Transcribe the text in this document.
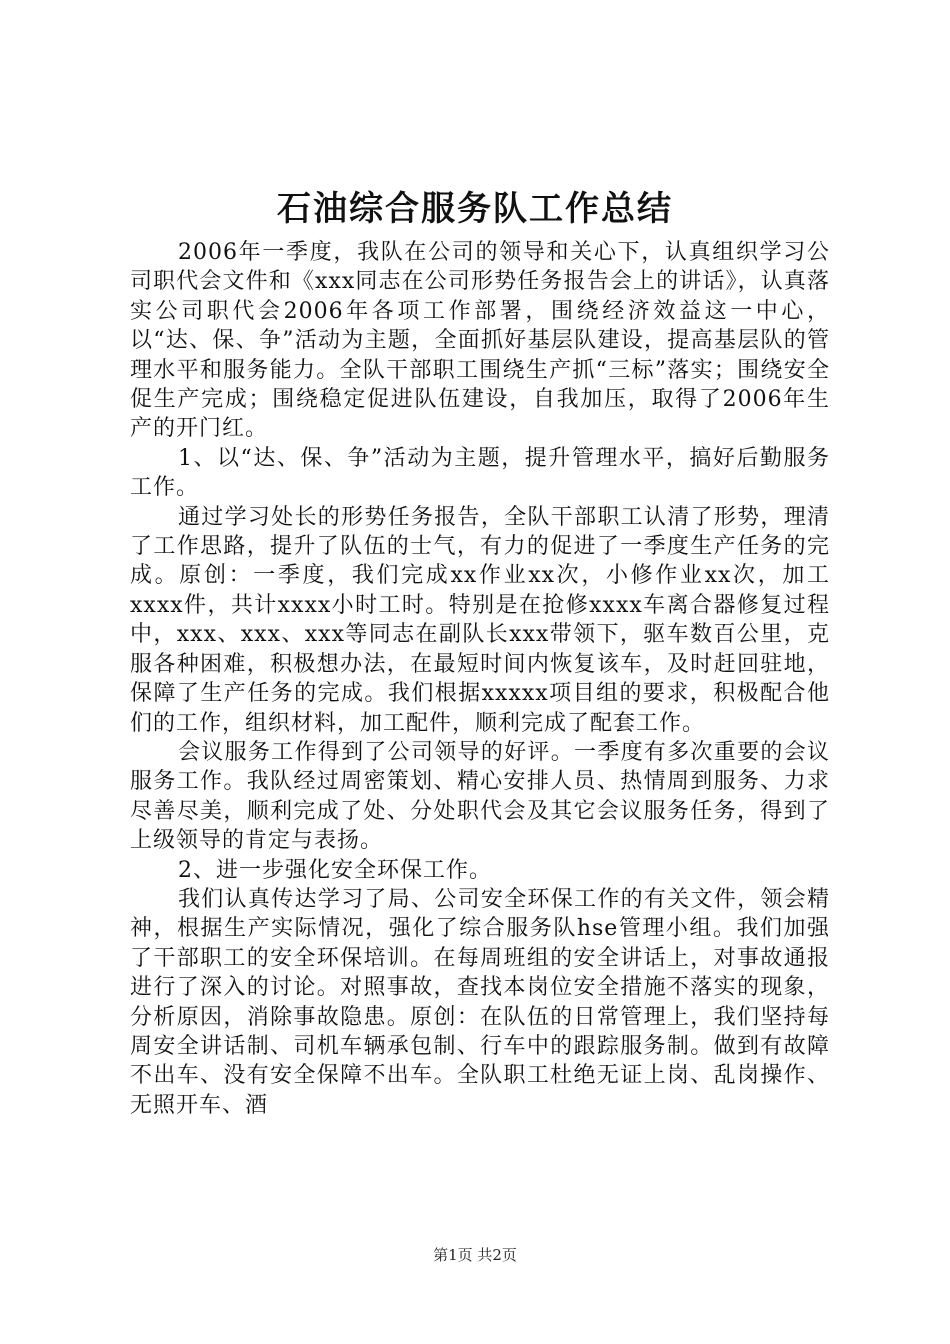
石油综合服务队工作总结

2006年一季度，我队在公司的领导和关心下，认真组织学习公司职代会文件和《xxx同志在公司形势任务报告会上的讲话》，认真落实公司职代会2006年各项工作部署，围绕经济效益这一中心，以“达、保、争”活动为主题，全面抓好基层队建设，提高基层队的管理水平和服务能力。全队干部职工围绕生产抓“三标”落实；围绕安全促生产完成；围绕稳定促进队伍建设，自我加压，取得了2006年生产的开门红。

1、以“达、保、争”活动为主题，提升管理水平，搞好后勤服务工作。

通过学习处长的形势任务报告，全队干部职工认清了形势，理清了工作思路，提升了队伍的士气，有力的促进了一季度生产任务的完成。原创：一季度，我们完成xx作业xx次，小修作业xx次，加工xxxx件，共计xxxx小时工时。特别是在抢修xxxx车离合器修复过程中，xxx、xxx、xxx等同志在副队长xxx带领下，驱车数百公里，克服各种困难，积极想办法，在最短时间内恢复该车，及时赶回驻地，保障了生产任务的完成。我们根据xxxxx项目组的要求，积极配合他们的工作，组织材料，加工配件，顺利完成了配套工作。

会议服务工作得到了公司领导的好评。一季度有多次重要的会议服务工作。我队经过周密策划、精心安排人员、热情周到服务、力求尽善尽美，顺利完成了处、分处职代会及其它会议服务任务，得到了上级领导的肯定与表扬。

2、进一步强化安全环保工作。

我们认真传达学习了局、公司安全环保工作的有关文件，领会精神，根据生产实际情况，强化了综合服务队hse管理小组。我们加强了干部职工的安全环保培训。在每周班组的安全讲话上，对事故通报进行了深入的讨论。对照事故，查找本岗位安全措施不落实的现象，分析原因，消除事故隐患。原创：在队伍的日常管理上，我们坚持每周安全讲话制、司机车辆承包制、行车中的跟踪服务制。做到有故障不出车、没有安全保障不出车。全队职工杜绝无证上岗、乱岗操作、无照开车、酒

第1页 共2页
